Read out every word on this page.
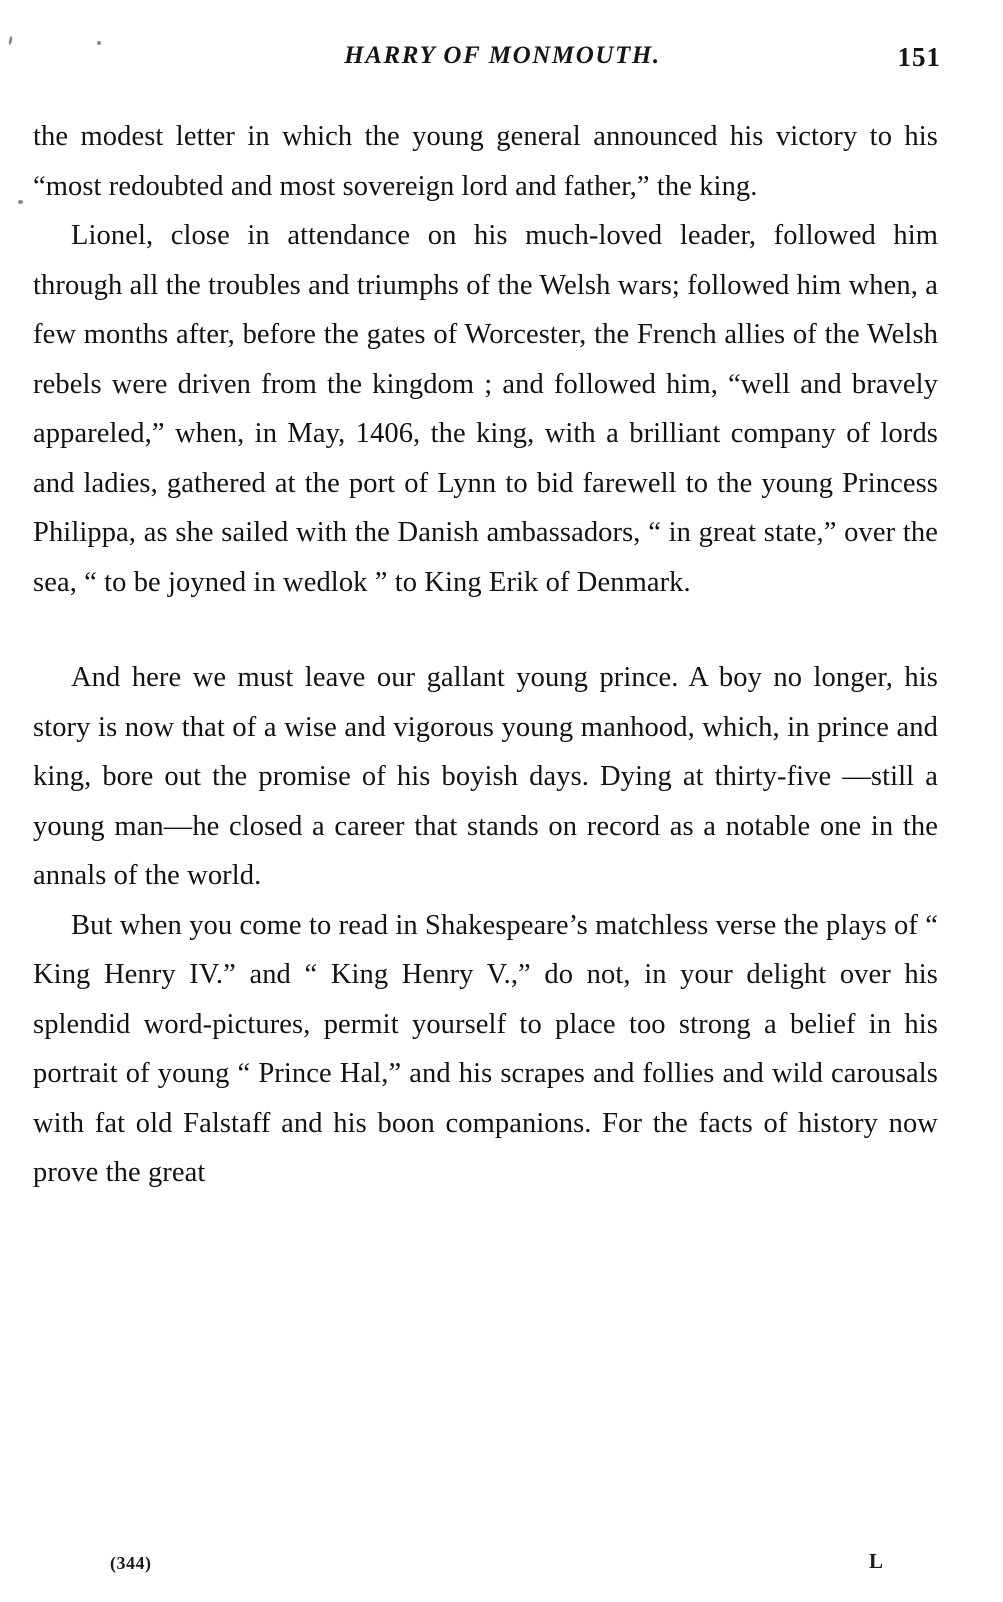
HARRY OF MONMOUTH.	151

the modest letter in which the young general announced his victory to his “most redoubted and most sovereign lord and father,” the king.

Lionel, close in attendance on his much-loved leader, followed him through all the troubles and triumphs of the Welsh wars; followed him when, a few months after, before the gates of Worcester, the French allies of the Welsh rebels were driven from the kingdom ; and followed him, “well and bravely appareled,” when, in May, 1406, the king, with a brilliant company of lords and ladies, gathered at the port of Lynn to bid farewell to the young Princess Philippa, as she sailed with the Danish ambassadors, “ in great state,” over the sea, “ to be joyned in wedlok ” to King Erik of Denmark.

And here we must leave our gallant young prince. A boy no longer, his story is now that of a wise and vigorous young manhood, which, in prince and king, bore out the promise of his boyish days. Dying at thirty-five —still a young man—he closed a career that stands on record as a notable one in the annals of the world.

But when you come to read in Shakespeare’s matchless verse the plays of “ King Henry IV.” and “ King Henry V.,” do not, in your delight over his splendid word-pictures, permit yourself to place too strong a belief in his portrait of young “ Prince Hal,” and his scrapes and follies and wild carousals with fat old Falstaff and his boon companions. For the facts of history now prove the great

(344)	L
